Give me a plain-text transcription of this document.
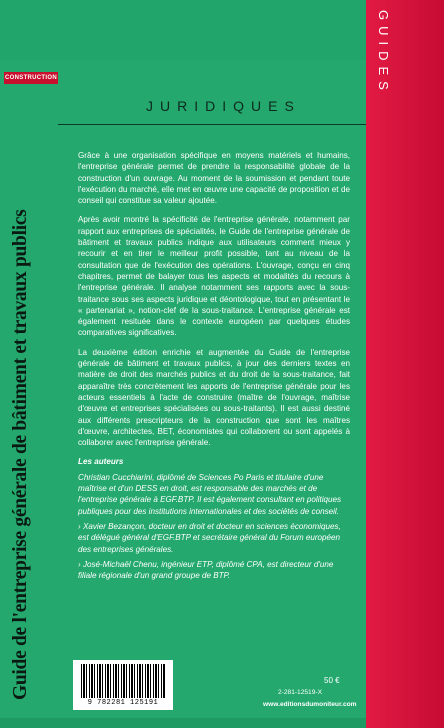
GUIDES
CONSTRUCTION
JURIDIQUES
Guide de l'entreprise générale de bâtiment et travaux publics

Grâce à une organisation spécifique en moyens matériels et humains, l'entreprise générale permet de prendre la responsabilité globale de la construction d'un ouvrage. Au moment de la soumission et pendant toute l'exécution du marché, elle met en œuvre une capacité de proposition et de conseil qui constitue sa valeur ajoutée.

Après avoir montré la spécificité de l'entreprise générale, notamment par rapport aux entreprises de spécialités, le Guide de l'entreprise générale de bâtiment et travaux publics indique aux utilisateurs comment mieux y recourir et en tirer le meilleur profit possible, tant au niveau de la consultation que de l'exécution des opérations. L'ouvrage, conçu en cinq chapitres, permet de balayer tous les aspects et modalités du recours à l'entreprise générale. Il analyse notamment ses rapports avec la sous-traitance sous ses aspects juridique et déontologique, tout en présentant le « partenariat », notion-clef de la sous-traitance. L'entreprise générale est également resituée dans le contexte européen par quelques études comparatives significatives.

La deuxième édition enrichie et augmentée du Guide de l'entreprise générale de bâtiment et travaux publics, à jour des derniers textes en matière de droit des marchés publics et du droit de la sous-traitance, fait apparaître très concrètement les apports de l'entreprise générale pour les acteurs essentiels à l'acte de construire (maître de l'ouvrage, maîtrise d'œuvre et entreprises spécialisées ou sous-traitants). Il est aussi destiné aux différents prescripteurs de la construction que sont les maîtres d'œuvre, architectes, BET, économistes qui collaborent ou sont appelés à collaborer avec l'entreprise générale.

Les auteurs
Christian Cucchiarini, diplômé de Sciences Po Paris et titulaire d'une maîtrise et d'un DESS en droit, est responsable des marchés et de l'entreprise générale à EGF.BTP. Il est également consultant en politiques publiques pour des institutions internationales et des sociétés de conseil.
› Xavier Bezançon, docteur en droit et docteur en sciences économiques, est délégué général d'EGF.BTP et secrétaire général du Forum européen des entreprises générales.
› José-Michaël Chenu, ingénieur ETP, diplômé CPA, est directeur d'une filiale régionale d'un grand groupe de BTP.
9 782281 125191
50 €
2-281-12519-X
www.editionsdumoniteur.com
